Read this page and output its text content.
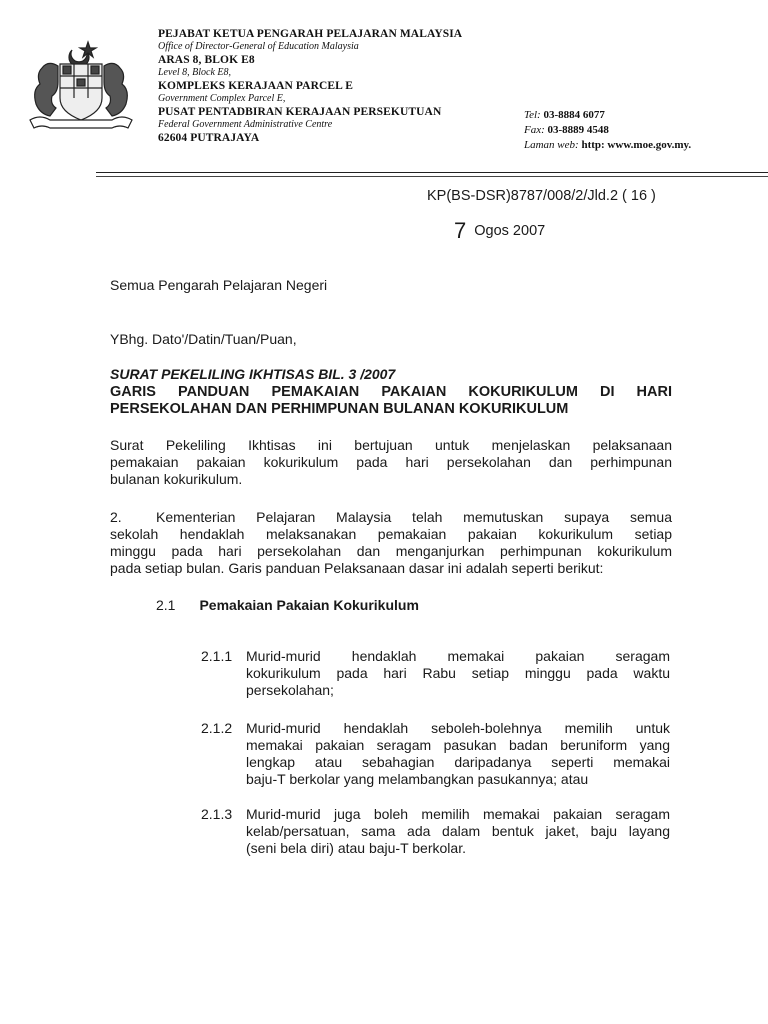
PEJABAT KETUA PENGARAH PELAJARAN MALAYSIA
Office of Director-General of Education Malaysia
ARAS 8, BLOK E8
Level 8, Block E8,
KOMPLEKS KERAJAAN PARCEL E
Government Complex Parcel E,
PUSAT PENTADBIRAN KERAJAAN PERSEKUTUAN
Federal Government Administrative Centre
62604 PUTRAJAYA
Tel: 03-8884 6077
Fax: 03-8889 4548
Laman web: http: www.moe.gov.my.
KP(BS-DSR)8787/008/2/Jld.2 ( 16 )
7 Ogos 2007
Semua Pengarah Pelajaran Negeri
YBhg. Dato'/Datin/Tuan/Puan,
SURAT PEKELILING IKHTISAS BIL. 3 /2007
GARIS PANDUAN PEMAKAIAN PAKAIAN KOKURIKULUM DI HARI
PERSEKOLAHAN DAN PERHIMPUNAN BULANAN KOKURIKULUM
Surat Pekeliling Ikhtisas ini bertujuan untuk menjelaskan pelaksanaan
pemakaian pakaian kokurikulum pada hari persekolahan dan perhimpunan
bulanan kokurikulum.
2.	Kementerian Pelajaran Malaysia telah memutuskan supaya semua
sekolah hendaklah melaksanakan pemakaian pakaian kokurikulum setiap
minggu pada hari persekolahan dan menganjurkan perhimpunan kokurikulum
pada setiap bulan. Garis panduan Pelaksanaan dasar ini adalah seperti berikut:
2.1 Pemakaian Pakaian Kokurikulum
2.1.1 Murid-murid hendaklah memakai pakaian seragam
kokurikulum pada hari Rabu setiap minggu pada waktu
persekolahan;
2.1.2 Murid-murid hendaklah seboleh-bolehnya memilih untuk
memakai pakaian seragam pasukan badan beruniform yang
lengkap atau sebahagian daripadanya seperti memakai
baju-T berkolar yang melambangkan pasukannya; atau
2.1.3 Murid-murid juga boleh memilih memakai pakaian seragam
kelab/persatuan, sama ada dalam bentuk jaket, baju layang
(seni bela diri) atau baju-T berkolar.
